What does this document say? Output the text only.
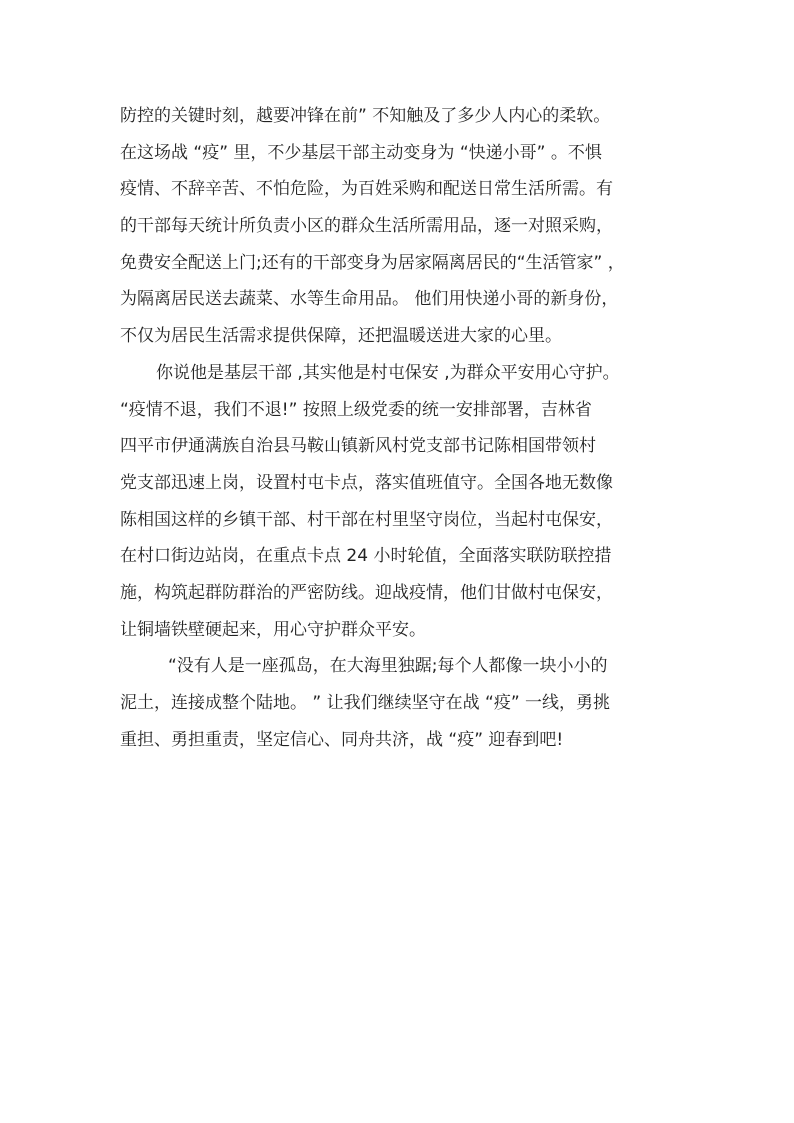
防控的关键时刻，越要冲锋在前” 不知触及了多少人内心的柔软。
在这场战 “疫” 里，不少基层干部主动变身为 “快递小哥” 。不惧
疫情、不辞辛苦、不怕危险，为百姓采购和配送日常生活所需。有
的干部每天统计所负责小区的群众生活所需用品，逐一对照采购，
免费安全配送上门;还有的干部变身为居家隔离居民的“生活管家” ，
为隔离居民送去蔬菜、水等生命用品。 他们用快递小哥的新身份，
不仅为居民生活需求提供保障，还把温暖送进大家的心里。
你说他是基层干部 ,其实他是村屯保安 ,为群众平安用心守护。
“疫情不退，我们不退!” 按照上级党委的统一安排部署，吉林省
四平市伊通满族自治县马鞍山镇新风村党支部书记陈相国带领村
党支部迅速上岗，设置村屯卡点，落实值班值守。全国各地无数像
陈相国这样的乡镇干部、村干部在村里坚守岗位，当起村屯保安，
在村口街边站岗，在重点卡点 24 小时轮值，全面落实联防联控措
施，构筑起群防群治的严密防线。迎战疫情，他们甘做村屯保安，
让铜墙铁壁硬起来，用心守护群众平安。
“没有人是一座孤岛，在大海里独踞;每个人都像一块小小的
泥土，连接成整个陆地。 ” 让我们继续坚守在战 “疫” 一线，勇挑
重担、勇担重责，坚定信心、同舟共济，战 “疫” 迎春到吧!
